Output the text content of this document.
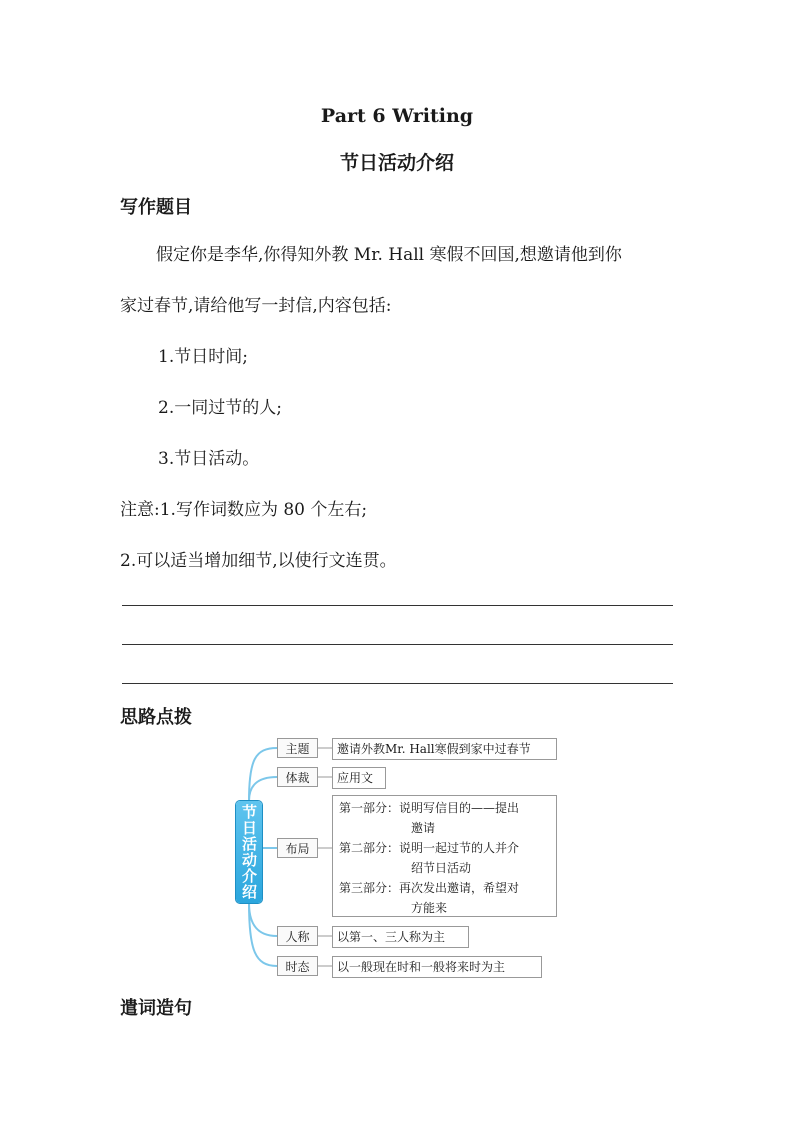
Part 6 Writing
节日活动介绍
写作题目
假定你是李华,你得知外教 Mr. Hall 寒假不回国,想邀请他到你
家过春节,请给他写一封信,内容包括:
1.节日时间;
2.一同过节的人;
3.节日活动。
注意:1.写作词数应为 80 个左右;
2.可以适当增加细节,以使行文连贯。
思路点拨
节日活动介绍
主题	邀请外教Mr. Hall寒假到家中过春节
体裁	应用文
布局
第一部分：说明写信目的——提出
邀请
第二部分：说明一起过节的人并介
绍节日活动
第三部分：再次发出邀请，希望对
方能来
人称	以第一、三人称为主
时态	以一般现在时和一般将来时为主
遣词造句
